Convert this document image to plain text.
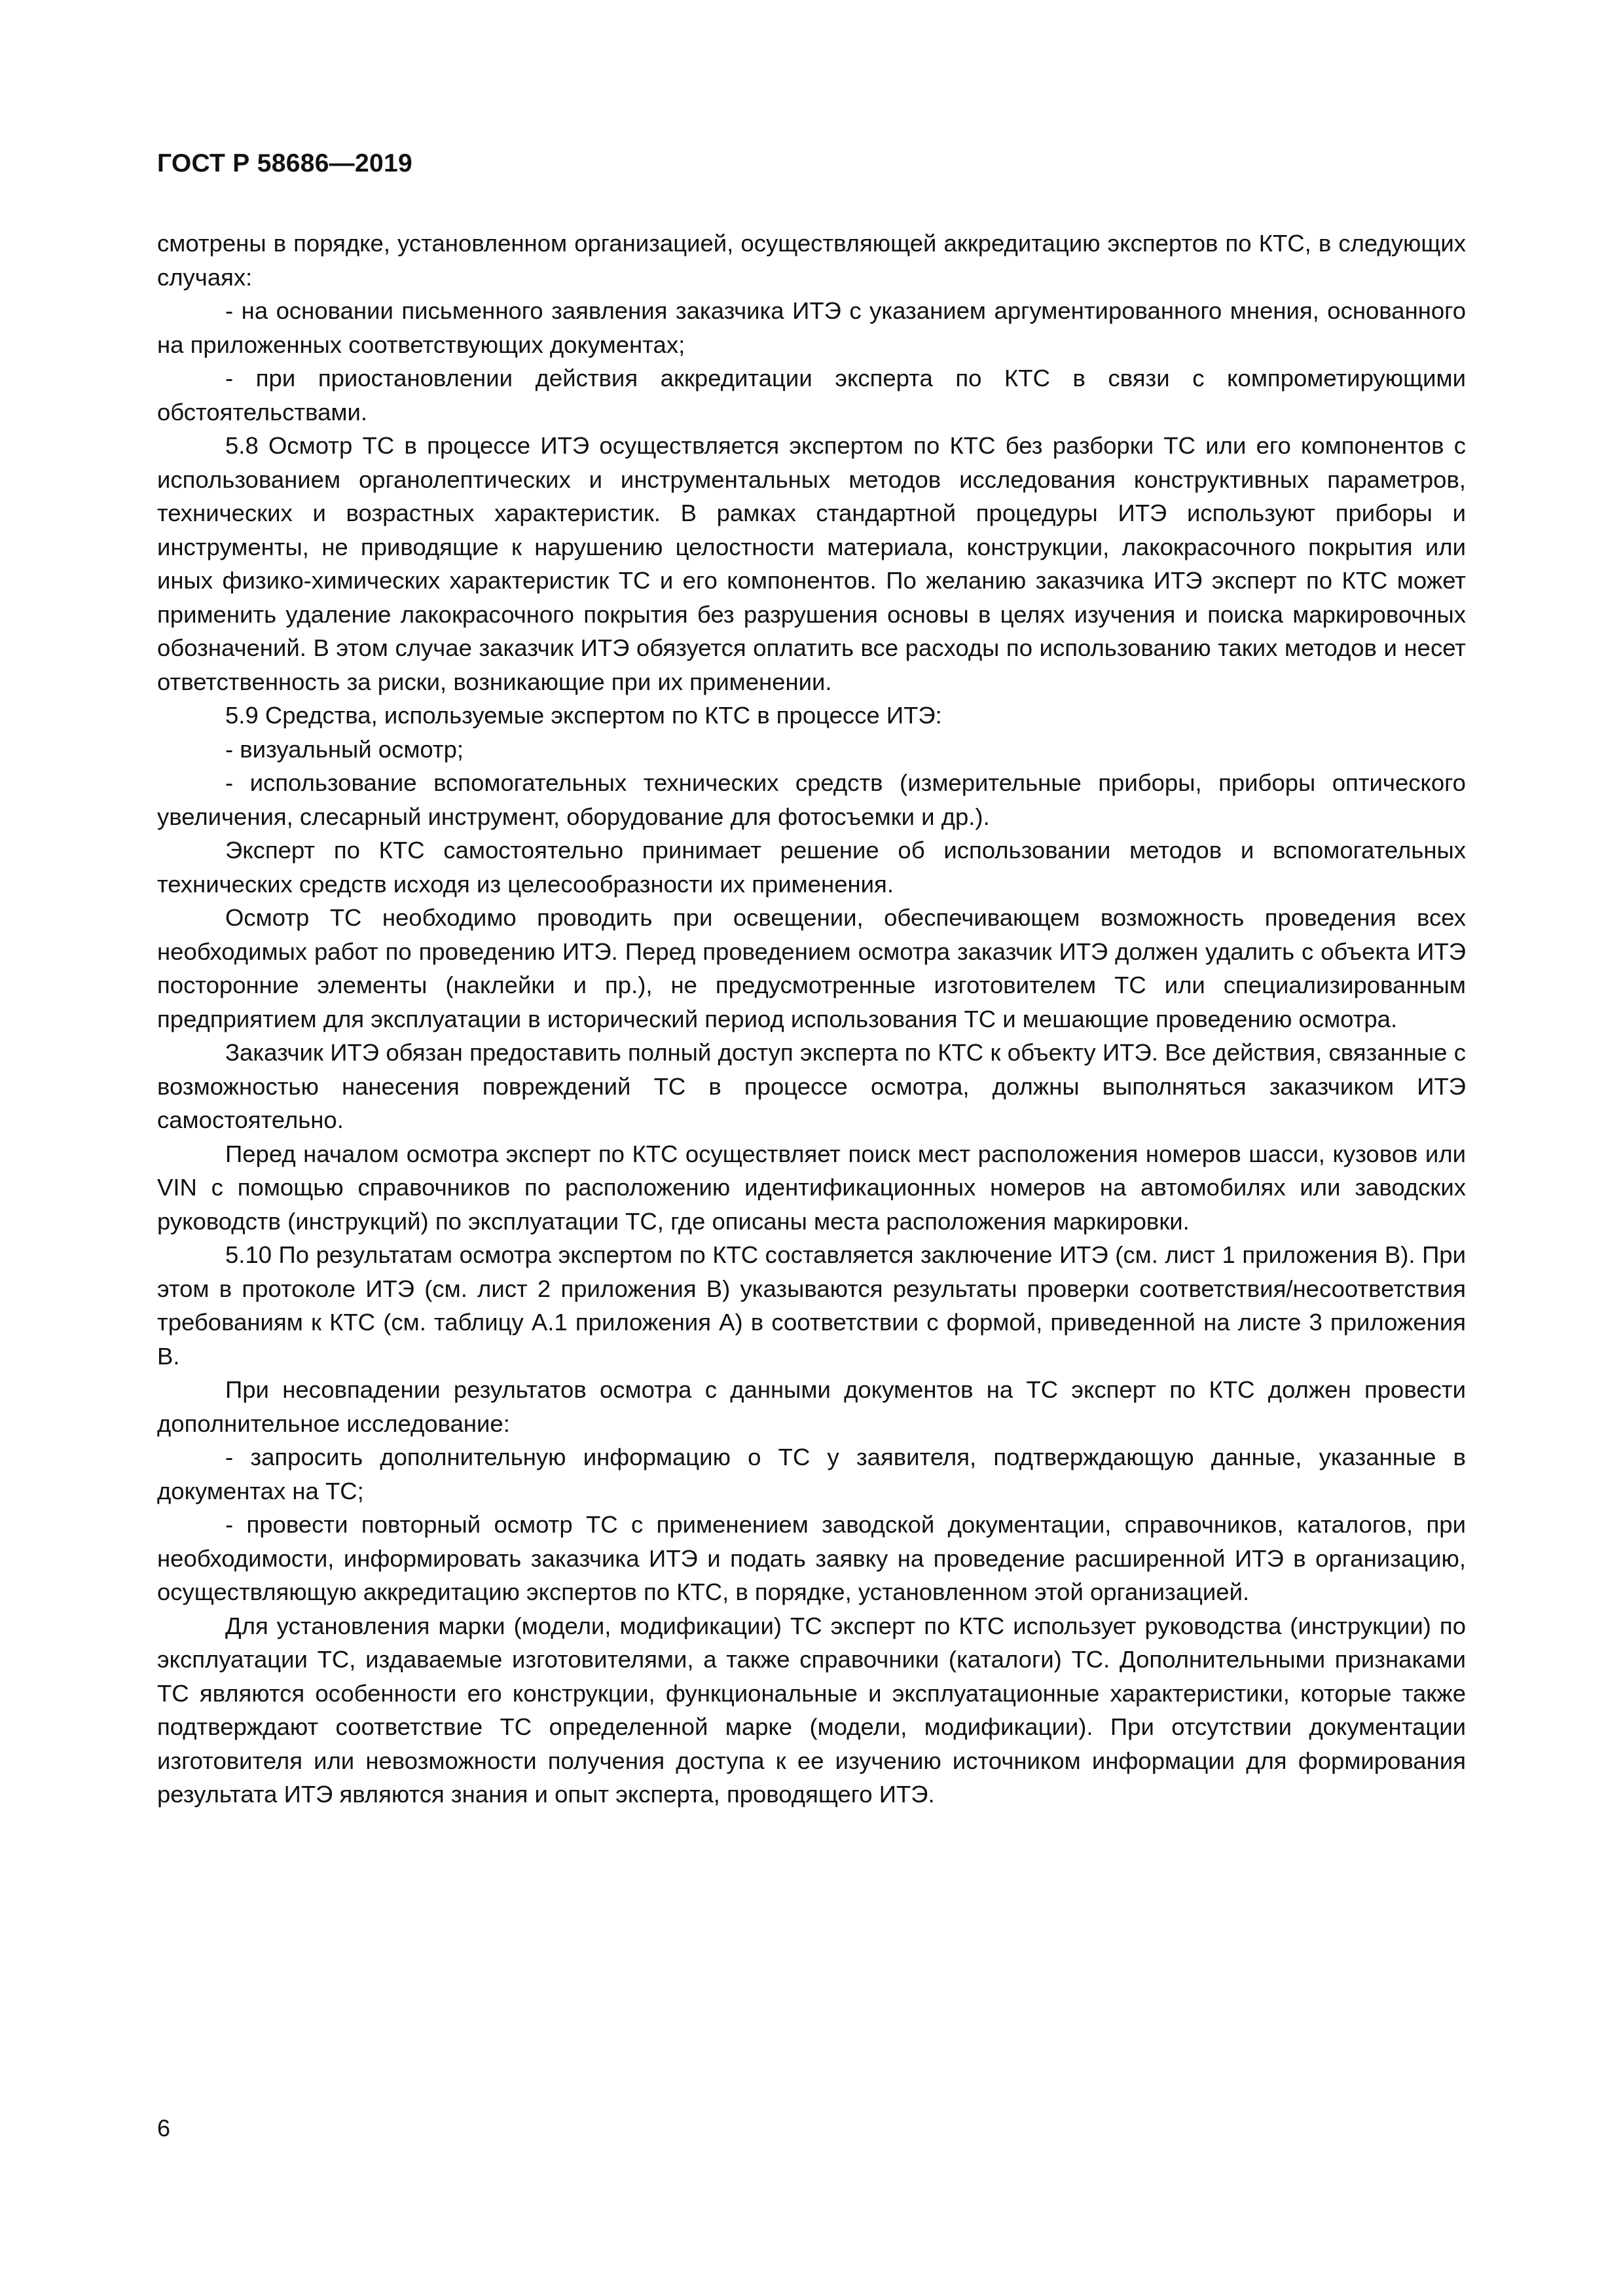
ГОСТ Р 58686—2019

смотрены в порядке, установленном организацией, осуществляющей аккредитацию экспертов по КТС, в следующих случаях:

- на основании письменного заявления заказчика ИТЭ с указанием аргументированного мнения, основанного на приложенных соответствующих документах;

- при приостановлении действия аккредитации эксперта по КТС в связи с компрометирующими обстоятельствами.

5.8 Осмотр ТС в процессе ИТЭ осуществляется экспертом по КТС без разборки ТС или его компонентов с использованием органолептических и инструментальных методов исследования конструктивных параметров, технических и возрастных характеристик. В рамках стандартной процедуры ИТЭ используют приборы и инструменты, не приводящие к нарушению целостности материала, конструкции, лакокрасочного покрытия или иных физико-химических характеристик ТС и его компонентов. По желанию заказчика ИТЭ эксперт по КТС может применить удаление лакокрасочного покрытия без разрушения основы в целях изучения и поиска маркировочных обозначений. В этом случае заказчик ИТЭ обязуется оплатить все расходы по использованию таких методов и несет ответственность за риски, возникающие при их применении.

5.9 Средства, используемые экспертом по КТС в процессе ИТЭ:

- визуальный осмотр;

- использование вспомогательных технических средств (измерительные приборы, приборы оптического увеличения, слесарный инструмент, оборудование для фотосъемки и др.).

Эксперт по КТС самостоятельно принимает решение об использовании методов и вспомогательных технических средств исходя из целесообразности их применения.

Осмотр ТС необходимо проводить при освещении, обеспечивающем возможность проведения всех необходимых работ по проведению ИТЭ. Перед проведением осмотра заказчик ИТЭ должен удалить с объекта ИТЭ посторонние элементы (наклейки и пр.), не предусмотренные изготовителем ТС или специализированным предприятием для эксплуатации в исторический период использования ТС и мешающие проведению осмотра.

Заказчик ИТЭ обязан предоставить полный доступ эксперта по КТС к объекту ИТЭ. Все действия, связанные с возможностью нанесения повреждений ТС в процессе осмотра, должны выполняться заказчиком ИТЭ самостоятельно.

Перед началом осмотра эксперт по КТС осуществляет поиск мест расположения номеров шасси, кузовов или VIN с помощью справочников по расположению идентификационных номеров на автомобилях или заводских руководств (инструкций) по эксплуатации ТС, где описаны места расположения маркировки.

5.10 По результатам осмотра экспертом по КТС составляется заключение ИТЭ (см. лист 1 приложения В). При этом в протоколе ИТЭ (см. лист 2 приложения В) указываются результаты проверки соответствия/несоответствия требованиям к КТС (см. таблицу А.1 приложения А) в соответствии с формой, приведенной на листе 3 приложения В.

При несовпадении результатов осмотра с данными документов на ТС эксперт по КТС должен провести дополнительное исследование:

- запросить дополнительную информацию о ТС у заявителя, подтверждающую данные, указанные в документах на ТС;

- провести повторный осмотр ТС с применением заводской документации, справочников, каталогов, при необходимости, информировать заказчика ИТЭ и подать заявку на проведение расширенной ИТЭ в организацию, осуществляющую аккредитацию экспертов по КТС, в порядке, установленном этой организацией.

Для установления марки (модели, модификации) ТС эксперт по КТС использует руководства (инструкции) по эксплуатации ТС, издаваемые изготовителями, а также справочники (каталоги) ТС. Дополнительными признаками ТС являются особенности его конструкции, функциональные и эксплуатационные характеристики, которые также подтверждают соответствие ТС определенной марке (модели, модификации). При отсутствии документации изготовителя или невозможности получения доступа к ее изучению источником информации для формирования результата ИТЭ являются знания и опыт эксперта, проводящего ИТЭ.

6
